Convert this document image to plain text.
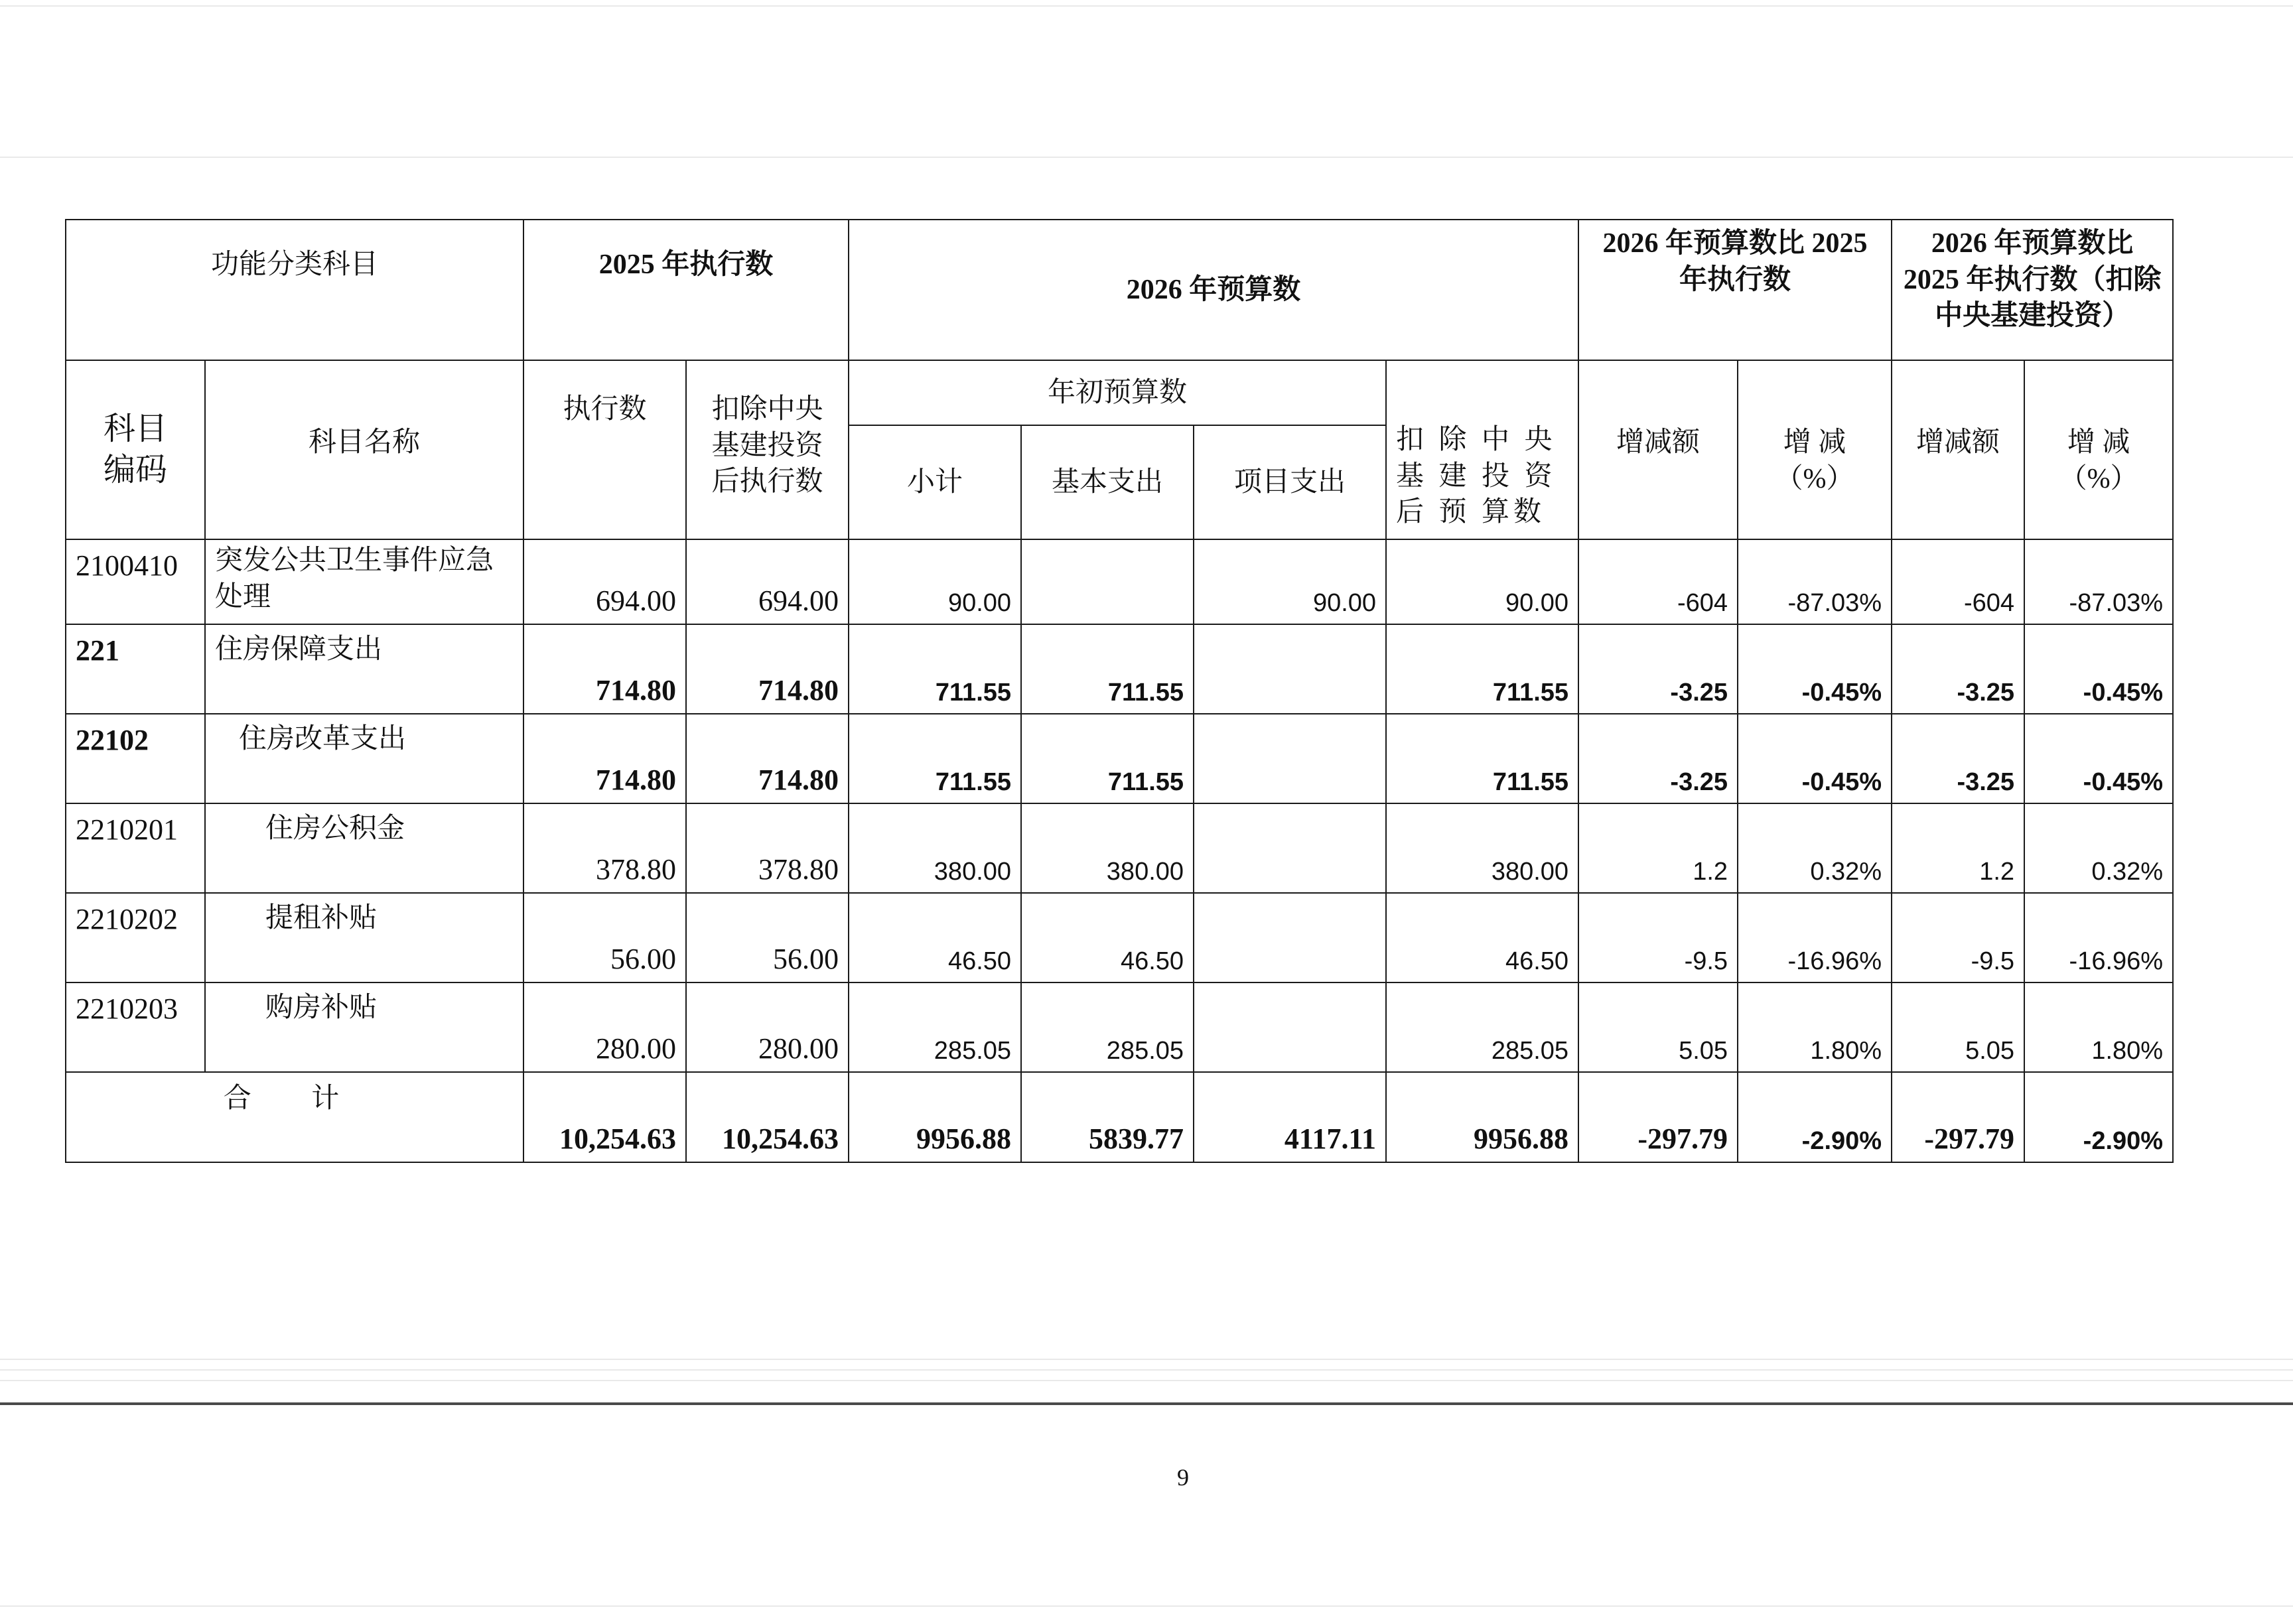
功能分类科目		2025 年执行数		2026 年预算数				2026 年预算数比 2025 年执行数		2026 年预算数比 2025 年执行数（扣除中央基建投资）	
科目编码	科目名称	执行数	扣除中央基建投资后执行数	年初预算数			扣 除 中 央 基 建 投 资 后 预 算数	增减额	增 减 （%）	增减额	增 减 （%）
				小计	基本支出	项目支出					
2100410	突发公共卫生事件应急处理	694.00	694.00	90.00		90.00	90.00	-604	-87.03%	-604	-87.03%
221	住房保障支出	714.80	714.80	711.55	711.55		711.55	-3.25	-0.45%	-3.25	-0.45%
22102	住房改革支出	714.80	714.80	711.55	711.55		711.55	-3.25	-0.45%	-3.25	-0.45%
2210201	住房公积金	378.80	378.80	380.00	380.00		380.00	1.2	0.32%	1.2	0.32%
2210202	提租补贴	56.00	56.00	46.50	46.50		46.50	-9.5	-16.96%	-9.5	-16.96%
2210203	购房补贴	280.00	280.00	285.05	285.05		285.05	5.05	1.80%	5.05	1.80%
合 计		10,254.63	10,254.63	9956.88	5839.77	4117.11	9956.88	-297.79	-2.90%	-297.79	-2.90%
9
